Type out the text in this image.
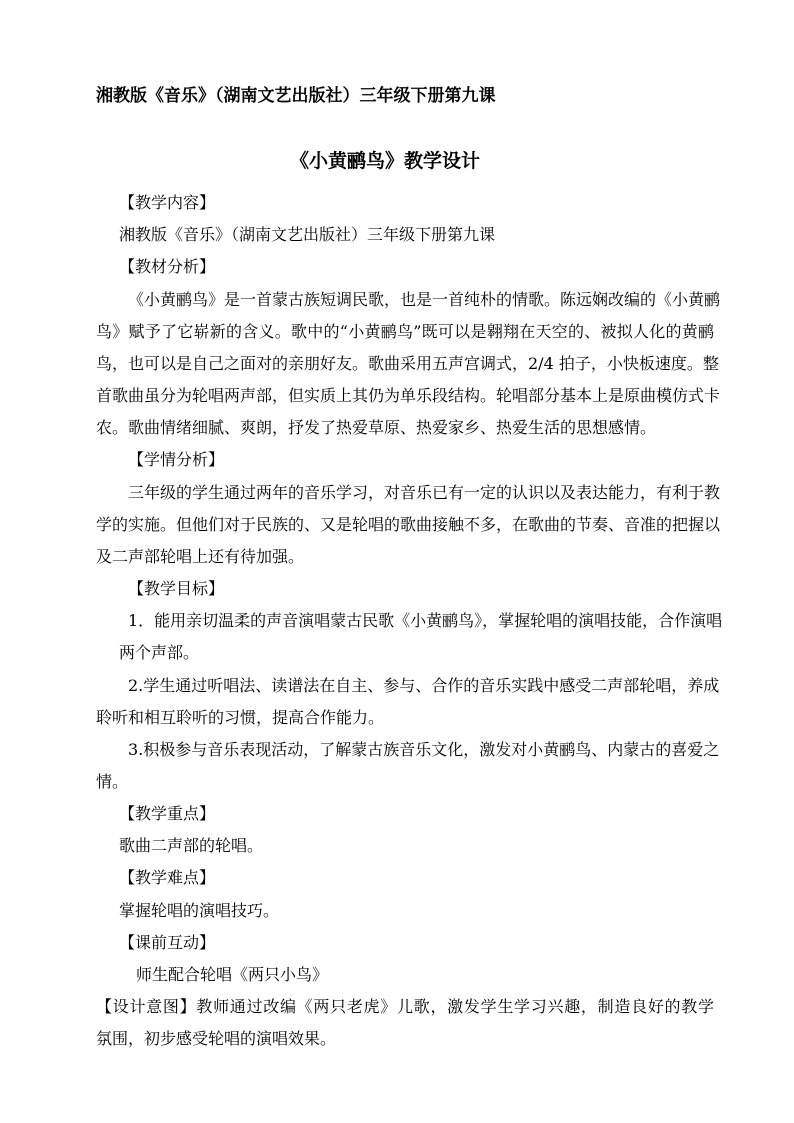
湘教版《音乐》（湖南文艺出版社）三年级下册第九课
《小黄鹂鸟》教学设计
【教学内容】
湘教版《音乐》（湖南文艺出版社）三年级下册第九课
【教材分析】
《小黄鹂鸟》是一首蒙古族短调民歌，也是一首纯朴的情歌。陈远娴改编的《小黄鹂
鸟》赋予了它崭新的含义。歌中的“小黄鹂鸟”既可以是翱翔在天空的、被拟人化的黄鹂
鸟，也可以是自己之面对的亲朋好友。歌曲采用五声宫调式，2/4 拍子，小快板速度。整
首歌曲虽分为轮唱两声部，但实质上其仍为单乐段结构。轮唱部分基本上是原曲模仿式卡
农。歌曲情绪细腻、爽朗，抒发了热爱草原、热爱家乡、热爱生活的思想感情。
【学情分析】
三年级的学生通过两年的音乐学习，对音乐已有一定的认识以及表达能力，有利于教
学的实施。但他们对于民族的、又是轮唱的歌曲接触不多，在歌曲的节奏、音准的把握以
及二声部轮唱上还有待加强。
【教学目标】
1．能用亲切温柔的声音演唱蒙古民歌《小黄鹂鸟》，掌握轮唱的演唱技能，合作演唱
两个声部。
2.学生通过听唱法、读谱法在自主、参与、合作的音乐实践中感受二声部轮唱，养成
聆听和相互聆听的习惯，提高合作能力。
3.积极参与音乐表现活动，了解蒙古族音乐文化，激发对小黄鹂鸟、内蒙古的喜爱之
情。
【教学重点】
歌曲二声部的轮唱。
【教学难点】
掌握轮唱的演唱技巧。
【课前互动】
师生配合轮唱《两只小鸟》
【设计意图】教师通过改编《两只老虎》儿歌，激发学生学习兴趣，制造良好的教学
氛围，初步感受轮唱的演唱效果。
